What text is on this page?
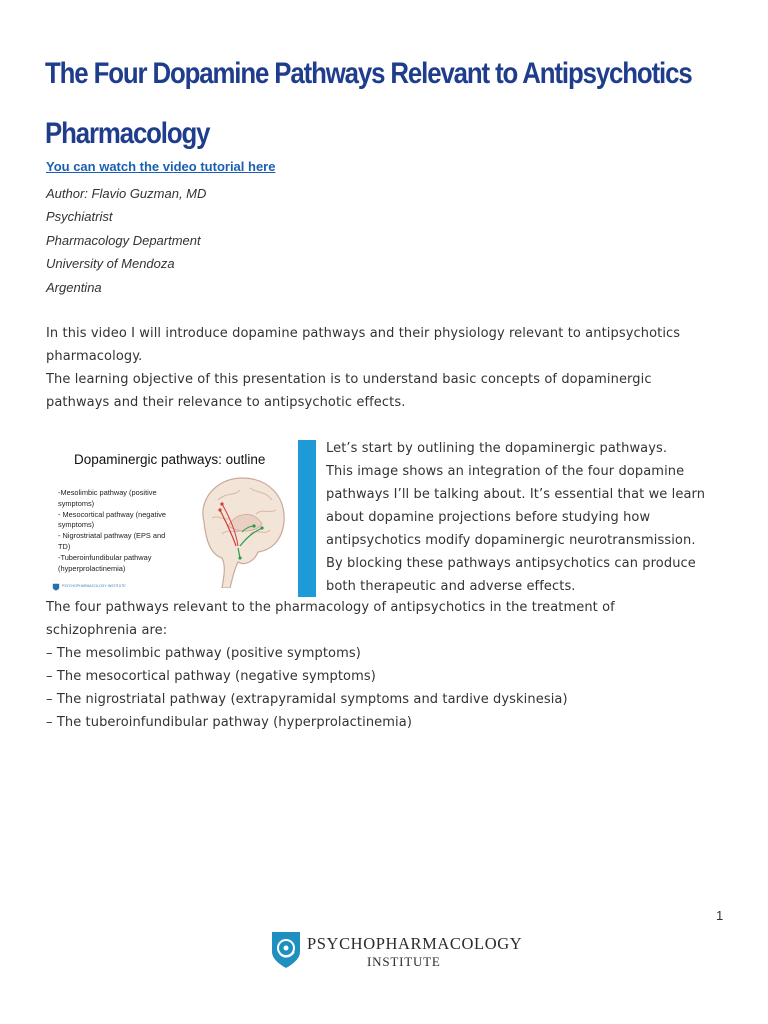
The Four Dopamine Pathways Relevant to Antipsychotics
Pharmacology
You can watch the video tutorial here
Author: Flavio Guzman, MD
Psychiatrist
Pharmacology Department
University of Mendoza
Argentina
In this video I will introduce dopamine pathways and their physiology relevant to antipsychotics
pharmacology.
The learning objective of this presentation is to understand basic concepts of dopaminergic
pathways and their relevance to antipsychotic effects.
Dopaminergic pathways: outline
-Mesolimbic pathway (positive
symptoms)
- Mesocortical pathway (negative
symptoms)
- Nigrostriatal pathway (EPS and
TD)
-Tuberoinfundibular pathway
(hyperprolactinemia)
PSYCHOPHARMACOLOGY INSTITUTE
Let’s start by outlining the dopaminergic pathways.
This image shows an integration of the four dopamine
pathways I’ll be talking about. It’s essential that we learn
about dopamine projections before studying how
antipsychotics modify dopaminergic neurotransmission.
By blocking these pathways antipsychotics can produce
both therapeutic and adverse effects.
The four pathways relevant to the pharmacology of antipsychotics in the treatment of
schizophrenia are:
– The mesolimbic pathway (positive symptoms)
– The mesocortical pathway (negative symptoms)
– The nigrostriatal pathway (extrapyramidal symptoms and tardive dyskinesia)
– The tuberoinfundibular pathway (hyperprolactinemia)
1
PSYCHOPHARMACOLOGY
INSTITUTE
